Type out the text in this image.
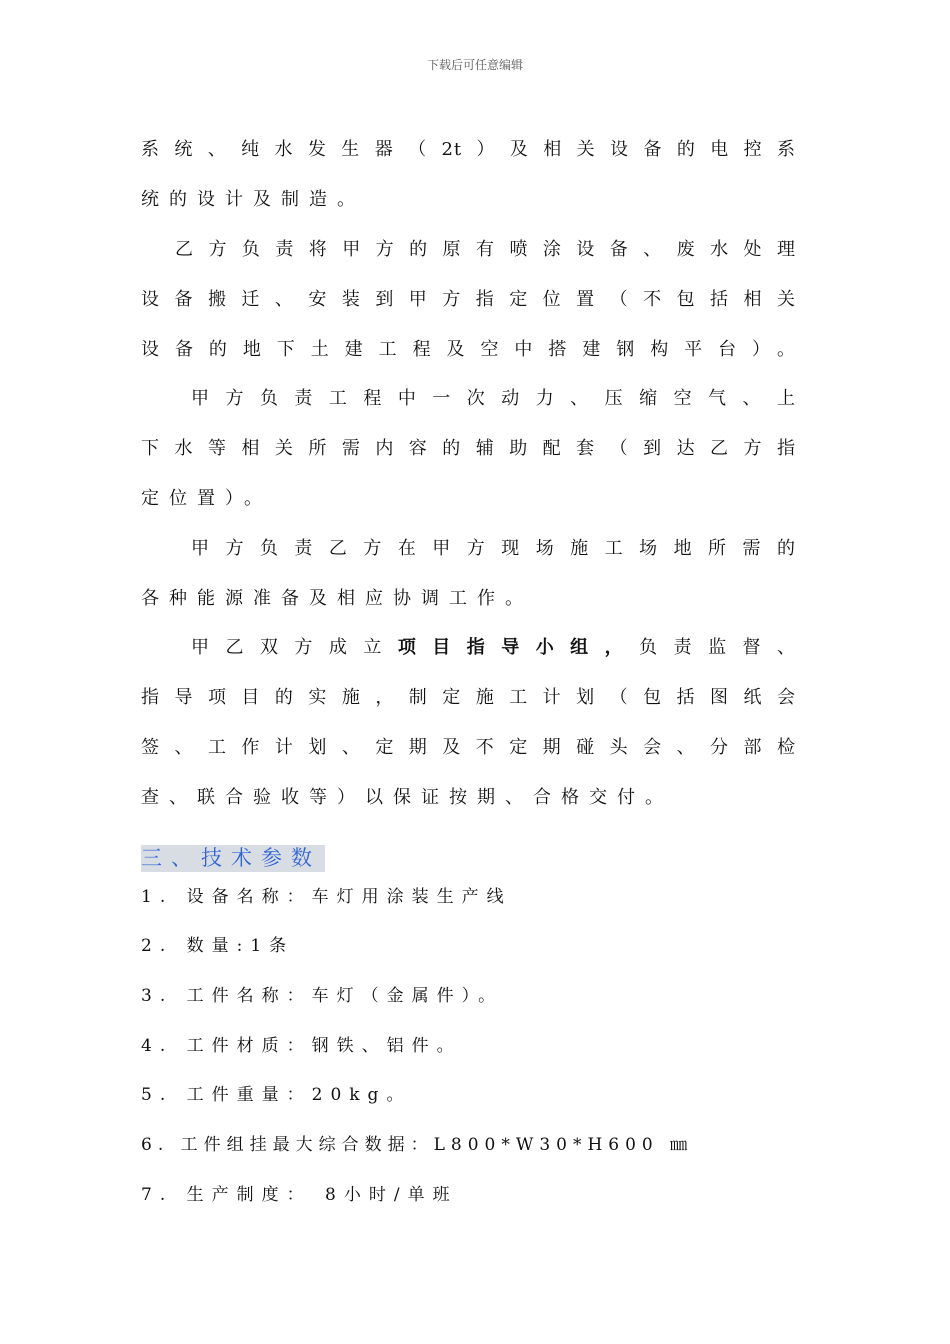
下载后可任意编辑
系统、纯水发生器（2t）及相关设备的电控系
统的设计及制造。
乙方负责将甲方的原有喷涂设备、废水处理
设备搬迁、安装到甲方指定位置（不包括相关
设备的地下土建工程及空中搭建钢构平台）。
甲方负责工程中一次动力、压缩空气、上
下水等相关所需内容的辅助配套（到达乙方指
定位置）。
甲方负责乙方在甲方现场施工场地所需的
各种能源准备及相应协调工作。
甲乙双方成立项目指导小组，负责监督、
指导项目的实施，制定施工计划（包括图纸会
签、工作计划、定期及不定期碰头会、分部检
查、联合验收等）以保证按期、合格交付。
三、技术参数
1. 设备名称：车灯用涂装生产线
2. 数量:1条
3. 工件名称：车灯（金属件）。
4. 工件材质：钢铁、铝件。
5. 工件重量：20kg。
6. 工件组挂最大综合数据：L800*W30*H600 ㎜
7. 生产制度： 8小时/单班
